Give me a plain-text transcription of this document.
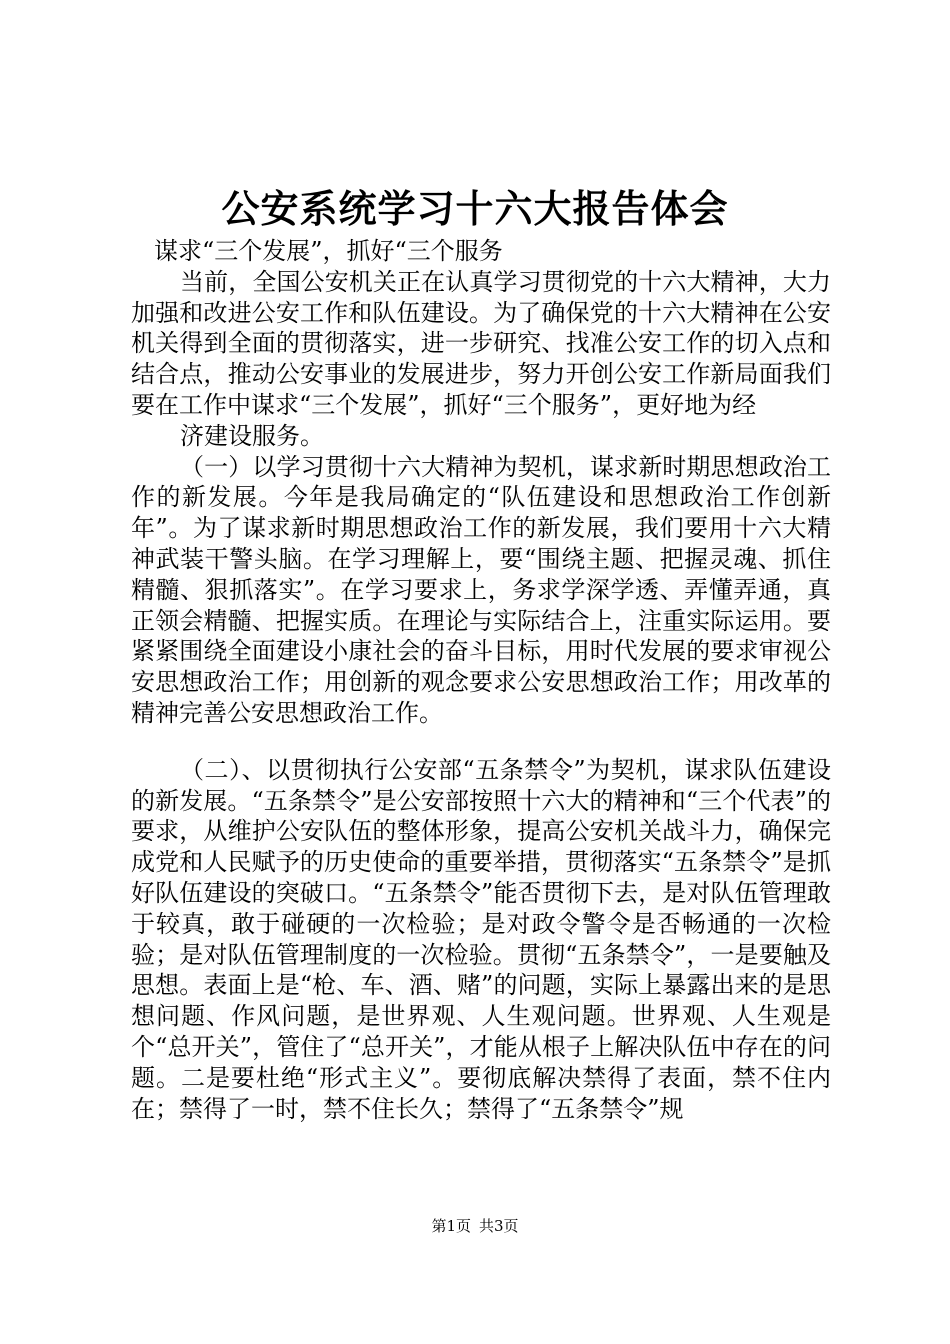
公安系统学习十六大报告体会

谋求“三个发展”，抓好“三个服务

当前，全国公安机关正在认真学习贯彻党的十六大精神，大力加强和改进公安工作和队伍建设。为了确保党的十六大精神在公安机关得到全面的贯彻落实，进一步研究、找准公安工作的切入点和结合点，推动公安事业的发展进步，努力开创公安工作新局面我们要在工作中谋求“三个发展”，抓好“三个服务”，更好地为经

济建设服务。

（一）以学习贯彻十六大精神为契机，谋求新时期思想政治工作的新发展。今年是我局确定的“队伍建设和思想政治工作创新年”。为了谋求新时期思想政治工作的新发展，我们要用十六大精神武装干警头脑。在学习理解上，要“围绕主题、把握灵魂、抓住精髓、狠抓落实”。在学习要求上，务求学深学透、弄懂弄通，真正领会精髓、把握实质。在理论与实际结合上，注重实际运用。要紧紧围绕全面建设小康社会的奋斗目标，用时代发展的要求审视公安思想政治工作；用创新的观念要求公安思想政治工作；用改革的精神完善公安思想政治工作。

（二）、以贯彻执行公安部“五条禁令”为契机，谋求队伍建设的新发展。“五条禁令”是公安部按照十六大的精神和“三个代表”的要求，从维护公安队伍的整体形象，提高公安机关战斗力，确保完成党和人民赋予的历史使命的重要举措，贯彻落实“五条禁令”是抓好队伍建设的突破口。“五条禁令”能否贯彻下去，是对队伍管理敢于较真，敢于碰硬的一次检验；是对政令警令是否畅通的一次检验；是对队伍管理制度的一次检验。贯彻“五条禁令”，一是要触及思想。表面上是“枪、车、酒、赌”的问题，实际上暴露出来的是思想问题、作风问题，是世界观、人生观问题。世界观、人生观是个“总开关”，管住了“总开关”，才能从根子上解决队伍中存在的问题。二是要杜绝“形式主义”。要彻底解决禁得了表面，禁不住内在；禁得了一时，禁不住长久；禁得了“五条禁令”规

第1页 共3页
